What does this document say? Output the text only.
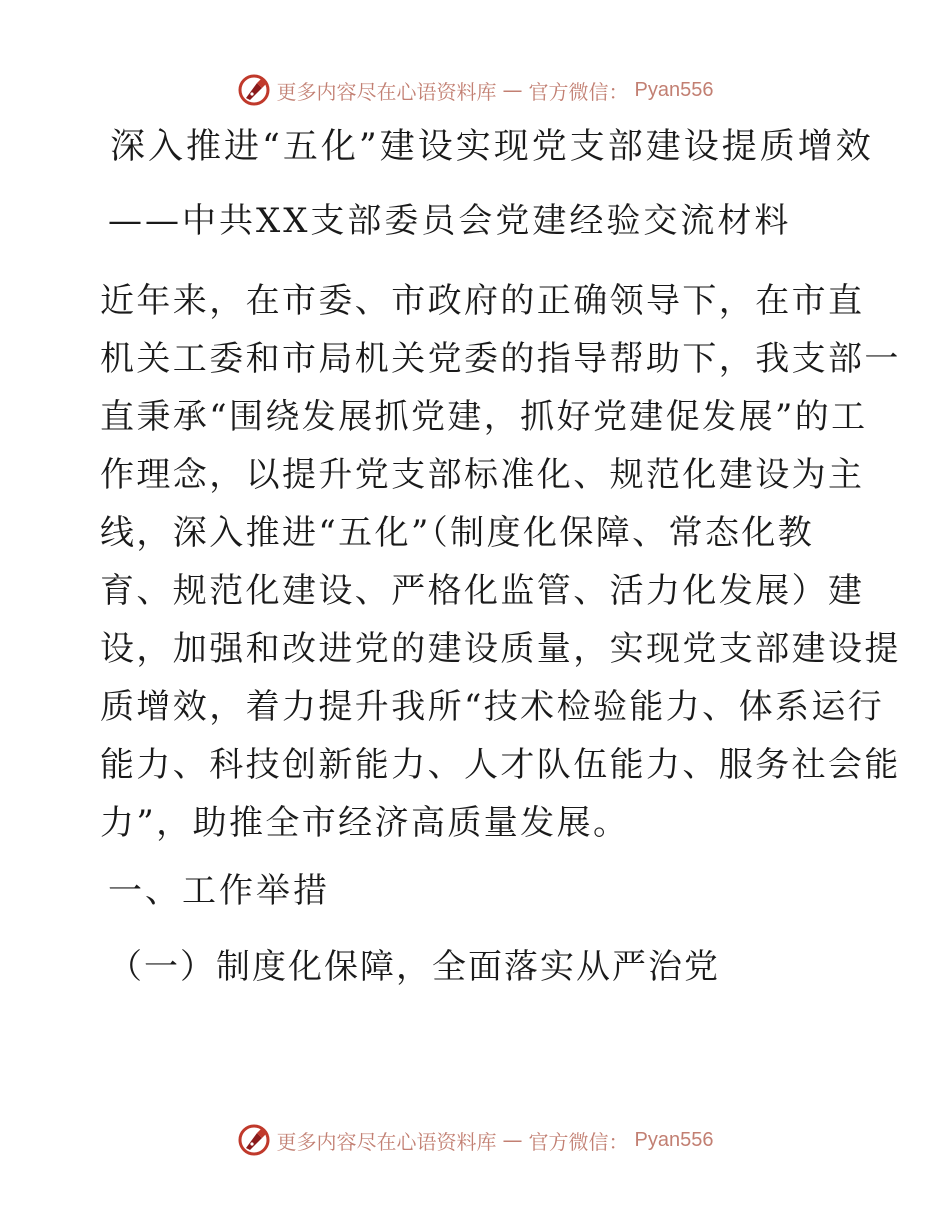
更多内容尽在心语资料库 — 官方微信： Pyan556
深入推进“五化”建设实现党支部建设提质增效
——中共XX支部委员会党建经验交流材料
近年来，在市委、市政府的正确领导下，在市直
机关工委和市局机关党委的指导帮助下，我支部一
直秉承“围绕发展抓党建，抓好党建促发展”的工
作理念，以提升党支部标准化、规范化建设为主
线，深入推进“五化”（制度化保障、常态化教
育、规范化建设、严格化监管、活力化发展）建
设，加强和改进党的建设质量，实现党支部建设提
质增效，着力提升我所“技术检验能力、体系运行
能力、科技创新能力、人才队伍能力、服务社会能
力”，助推全市经济高质量发展。
一、工作举措
（一）制度化保障，全面落实从严治党
更多内容尽在心语资料库 — 官方微信： Pyan556
